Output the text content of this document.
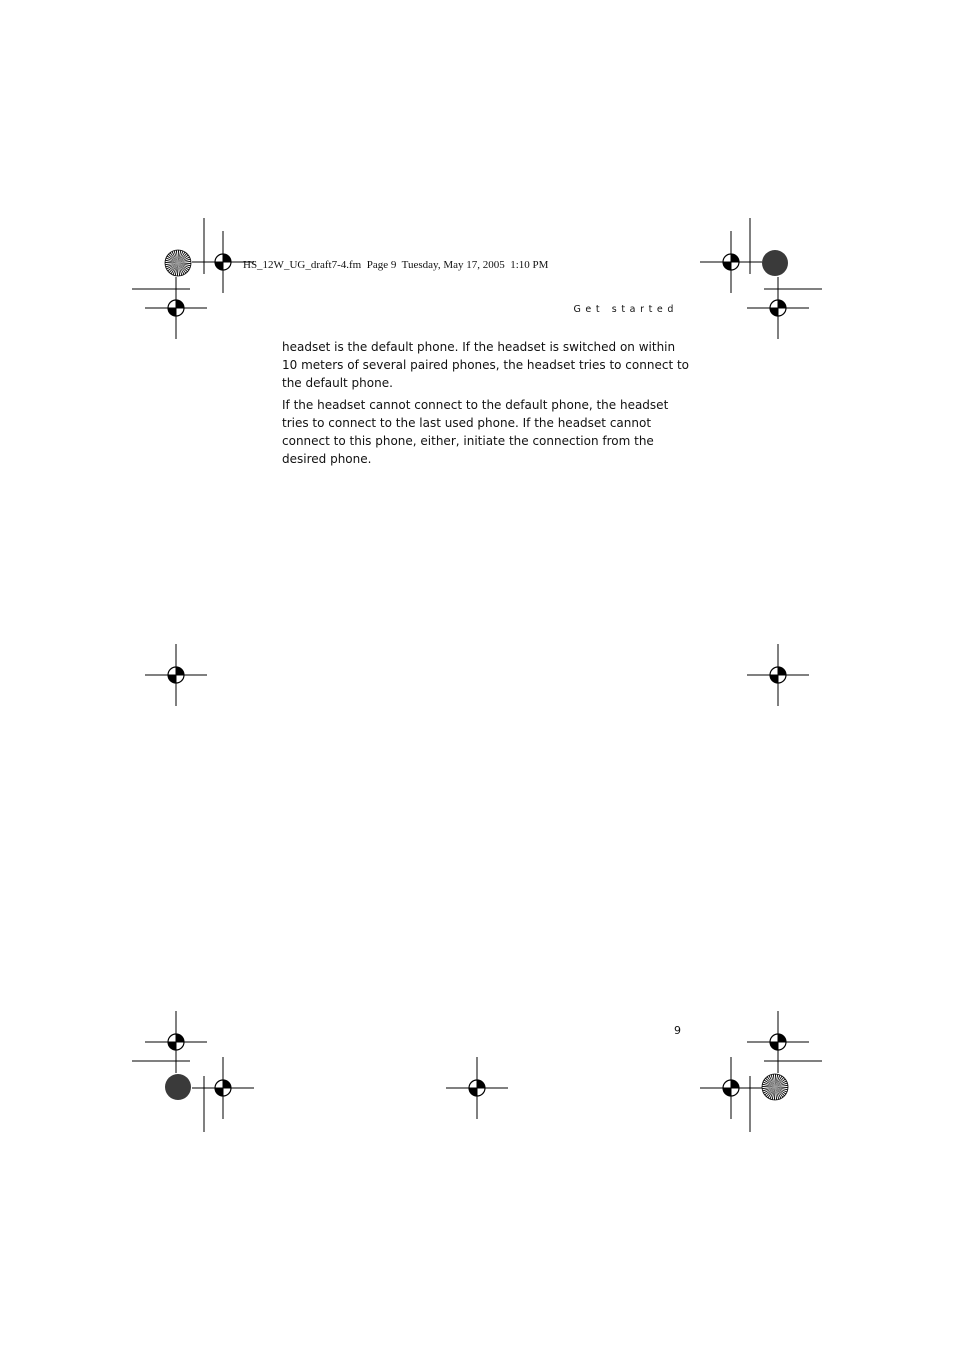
HS_12W_UG_draft7-4.fm  Page 9  Tuesday, May 17, 2005  1:10 PM
Get started

headset is the default phone. If the headset is switched on within 10 meters of several paired phones, the headset tries to connect to the default phone.

If the headset cannot connect to the default phone, the headset tries to connect to the last used phone. If the headset cannot connect to this phone, either, initiate the connection from the desired phone.

9
